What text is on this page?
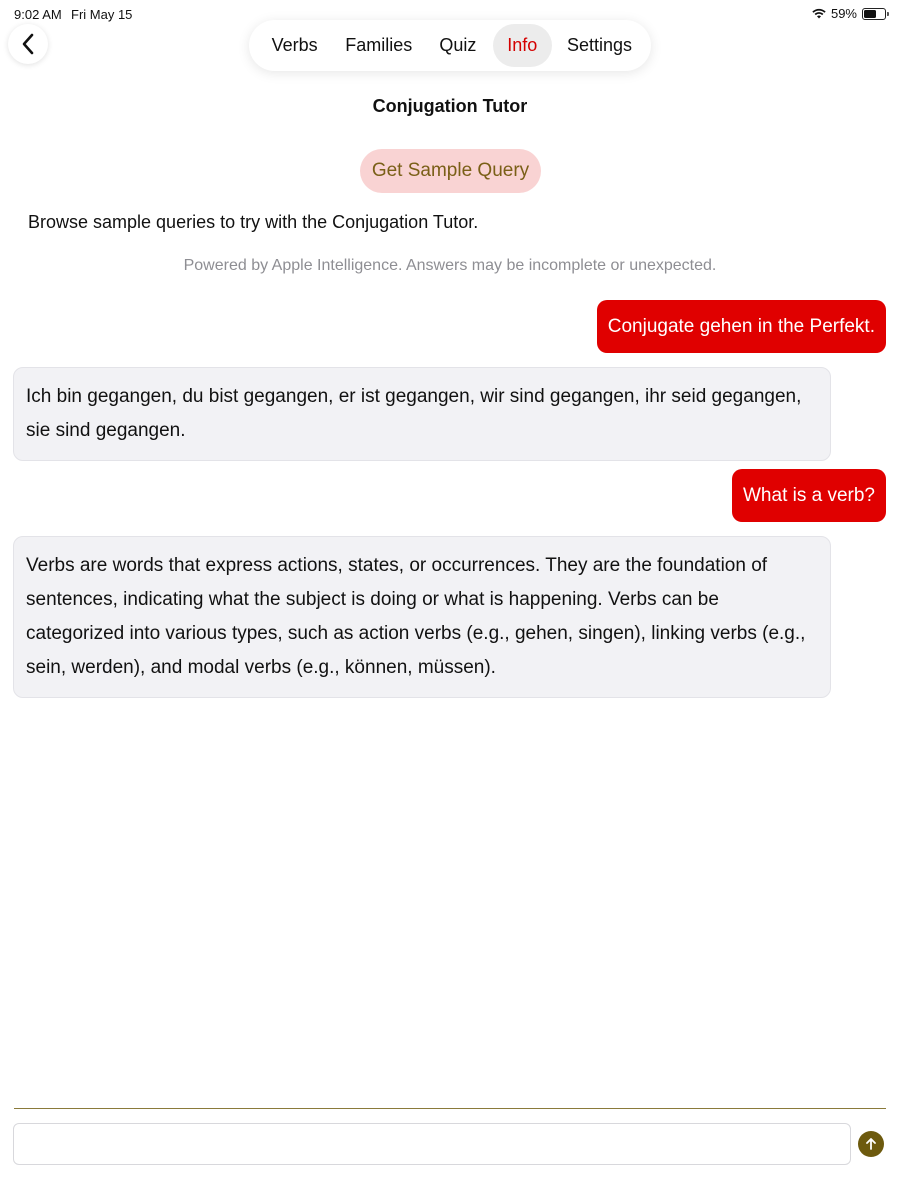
9:02 AM Fri May 15	59%
Verbs	Families	Quiz	Info	Settings
Conjugation Tutor
Get Sample Query
Browse sample queries to try with the Conjugation Tutor.
Powered by Apple Intelligence. Answers may be incomplete or unexpected.
Conjugate gehen in the Perfekt.
Ich bin gegangen, du bist gegangen, er ist gegangen, wir sind gegangen, ihr seid gegangen, sie sind gegangen.
What is a verb?
Verbs are words that express actions, states, or occurrences. They are the foundation of sentences, indicating what the subject is doing or what is happening. Verbs can be categorized into various types, such as action verbs (e.g., gehen, singen), linking verbs (e.g., sein, werden), and modal verbs (e.g., können, müssen).
